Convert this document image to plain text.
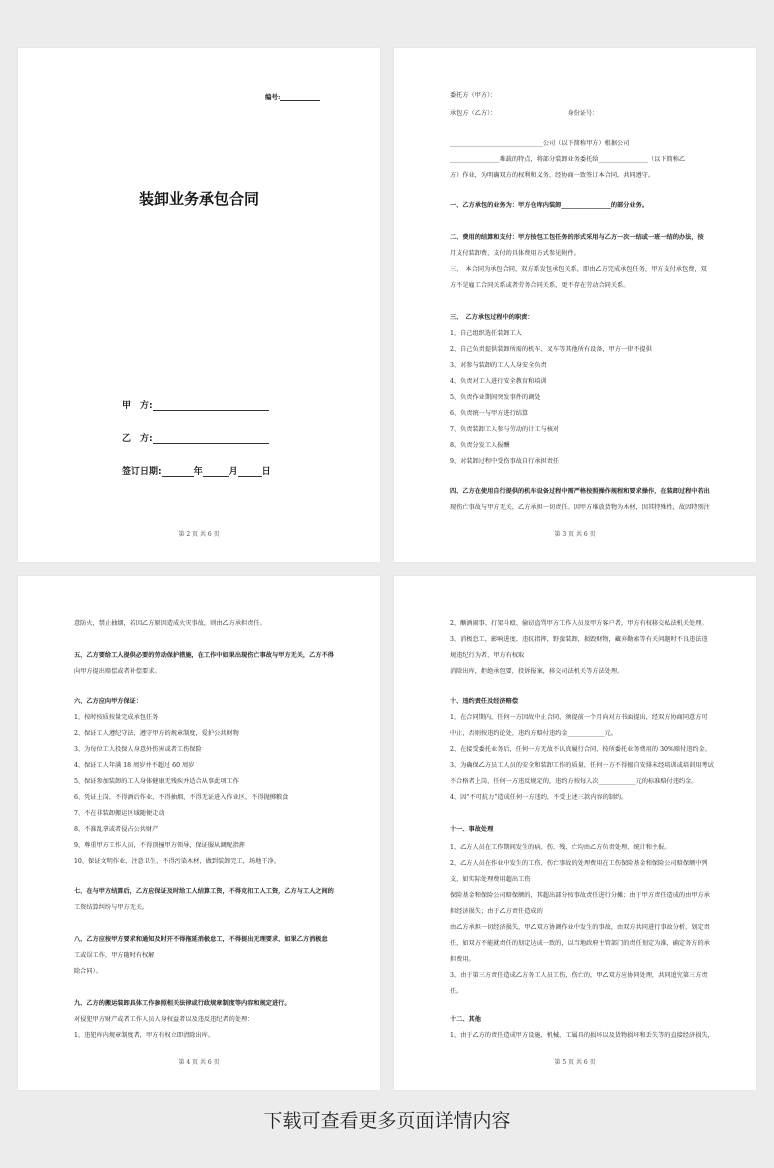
编号:
装卸业务承包合同
甲　方:
乙　方:
签订日期:	年	月	日
第 2 页 共 6 页
委托方（甲方）：
承包方（乙方）：　　　　　　　　　　　　身份证号：
______________________________公司（以下简称甲方）根据公司
________________难载的特点，将部分装卸业务委托给________________（以下简称乙
方）作业，为明确双方的权利和义务，经协商一致签订本合同，共同遵守。
一、乙方承包的业务为：甲方仓库内装卸________________的部分业务。
二、费用的结算和支付：甲方按包工包任务的形式采用与乙方一次一结或一班一结的办法，按
月支付装卸费，支付的具体费用方式参见附件。
三、　本合同为承包合同，双方系发包承包关系，即由乙方完成承包任务，甲方支付承包费，双
方不是雇工合同关系或者劳务合同关系，更不存在劳动合同关系。
三、　乙方承包过程中的职责：
1、自己组织选任装卸工人
2、自己负责提供装卸所需的机车、叉车等其他所有设备，甲方一律不提供
3、对参与装卸的工人人身安全负责
4、负责对工人进行安全教育和培训
5、负责作业期间突发事件的调处
6、负责统一与甲方进行结算
7、负责装卸工人参与劳动的计工与核对
8、负责分发工人报酬
9、对装卸过程中受伤事故自行承担责任
四、乙方在使用自行提供的机车设备过程中需严格按照操作规程和要求操作，在装卸过程中若出
现伤亡事故与甲方无关，乙方承担一切责任。因甲方堆放货物为木材，因其特殊性，故因特别注
第 3 页 共 6 页
意防火，禁止抽烟，若因乙方原因造成火灾事故，则由乙方承担责任。
五、乙方要给工人提供必要的劳动保护措施，在工作中如果出现伤亡事故与甲方无关，乙方不得
向甲方提出赔偿或者补偿要求。
六、乙方应向甲方保证：
1、按时按质按量完成承包任务
2、保证工人遵纪守法，遵守甲方的规章制度，爱护公共财物
3、为每位工人投保人身意外伤害或者工伤保险
4、保证工人年满 18 周岁并不超过 60 周岁
5、保证参加装卸的工人身体健康无残疾并适合从事此项工作
6、凭证上岗，不得酒后作业，不得抽烟，不得无证进入作业区，不得抛掷粮食
7、不在非装卸搬运区域随便走动
8、不准乱拿或者侵占公共财产
9、尊重甲方工作人员，不得顶撞甲方领导，保证服从调配指挥
10、保证文明作业，注意卫生，不得污染木材，做到装卸完工，场地干净。
七、在与甲方结算后，乙方应保证及时给工人结算工资，不得克扣工人工资，乙方与工人之间的
工资结算纠纷与甲方无关。
八、乙方应按甲方要求和通知及时开不得拖延消极怠工，不得提出无理要求，如果乙方消极怠
工或误工作，甲方随时有权解
除合同）。
九、乙方的搬运装卸具体工作参照相关法律或行政规章制度等内容和规定进行。
对侵犯甲方财产或者工作人员人身权益者以及违反违纪者的处理：
1、违犯库内规章制度者，甲方有权立即清除出库。
第 4 页 共 6 页
2、酗酒闹事、打架斗殴、偷窃盗骂甲方工作人员及甲方客户者，甲方有权移交私法机关处理。
3、消极怠工，影响进度、违抗指挥，野蛮装卸，损毁财物，藏弃勤索等有关问题时不良违法违
规违纪行为者，甲方有权取
消除出库，拒绝承包要，投诉报案，移交司法机关等方法处理。
十、违约责任及经济赔偿
1、在合同期内，任何一方因故中止合同，须提前一个月向对方书面提出，经双方协商同意方可
中止，否则按违约论处，违约方赔付违约金____________元。
2、在接受委托业务后，任何一方无故不认真履行合同，按所委托业务费用的 30%赔付违约金。
3、为确保乙方员工人员的安全和装卸工作的质量，任何一方不得擅自安排未经培训或培训用考试
不合格者上岗，任何一方违反规定的，违约方按每人次____________元的标准赔付违约金。
4、因“不可抗力”造成任何一方违约，不受上述三款内容的制约。
十一、事故处理
1、乙方人员在工作期间发生的病、伤、残、亡均由乙方负责处理，统计和主报。
2、乙方人员在作业中发生的工伤、伤亡事故的处理费用在工伤保险基金和保险公司赔保额中列
支，如实际处理费用超出工伤
保险基金和保险公司赔保额的，其超出部分按事故责任进行分摊；由于甲方责任造成的由甲方承
担经济损失；由于乙方责任造成的
由乙方承担一切经济损失，甲乙双方协调作业中发生的事故，由双方共同进行事故分析，划定责
任，如双方不能就责任的划定达成一致的，以当地政府主管部门的责任划定为准，确定务方的承
担费用。
3、由于第三方责任造成乙方务工人员工伤，伤亡的，甲乙双方应协同处理，共同追究第三方责
任。
十二、其他
1、由于乙方的责任造成甲方设施、机械、工属具的损坏以及货物损坏和丢失等的直接经济损失，
第 5 页 共 6 页
下载可查看更多页面详情内容
